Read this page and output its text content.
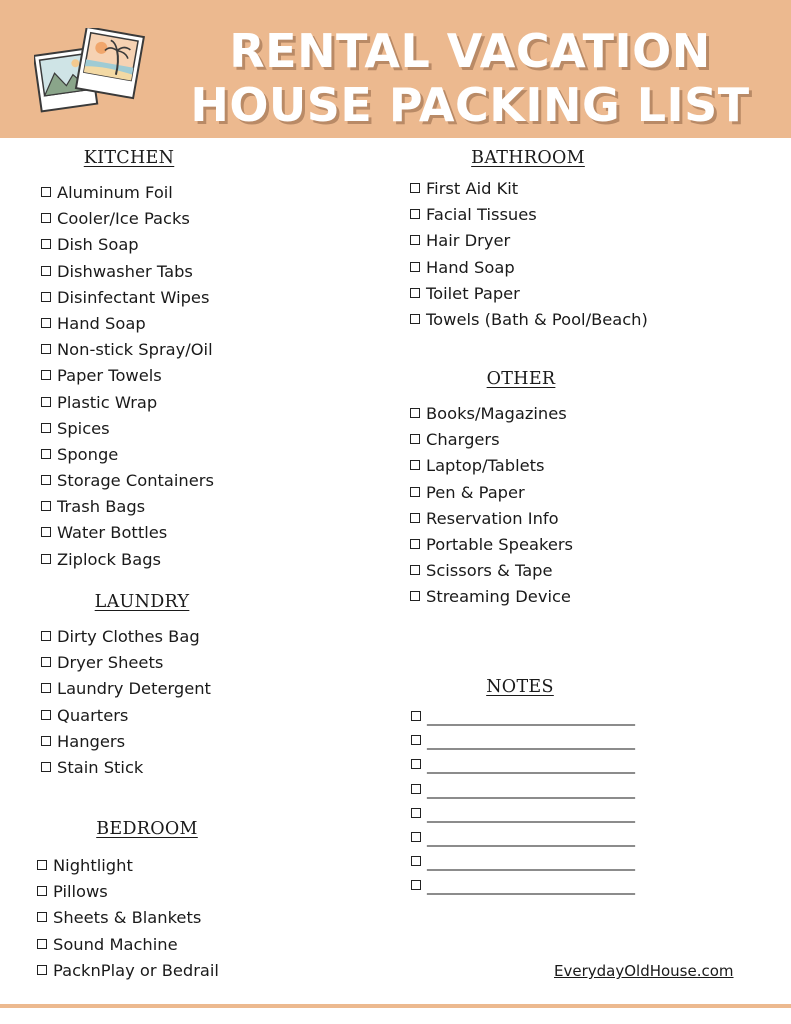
RENTAL VACATION
HOUSE PACKING LIST
KITCHEN
Aluminum Foil
Cooler/Ice Packs
Dish Soap
Dishwasher Tabs
Disinfectant Wipes
Hand Soap
Non-stick Spray/Oil
Paper Towels
Plastic Wrap
Spices
Sponge
Storage Containers
Trash Bags
Water Bottles
Ziplock Bags
LAUNDRY
Dirty Clothes Bag
Dryer Sheets
Laundry Detergent
Quarters
Hangers
Stain Stick
BEDROOM
Nightlight
Pillows
Sheets & Blankets
Sound Machine
PacknPlay or Bedrail
BATHROOM
First Aid Kit
Facial Tissues
Hair Dryer
Hand Soap
Toilet Paper
Towels (Bath & Pool/Beach)
OTHER
Books/Magazines
Chargers
Laptop/Tablets
Pen & Paper
Reservation Info
Portable Speakers
Scissors & Tape
Streaming Device
NOTES
_______________________________
_______________________________
_______________________________
_______________________________
_______________________________
_______________________________
_______________________________
_______________________________
EverydayOldHouse.com
